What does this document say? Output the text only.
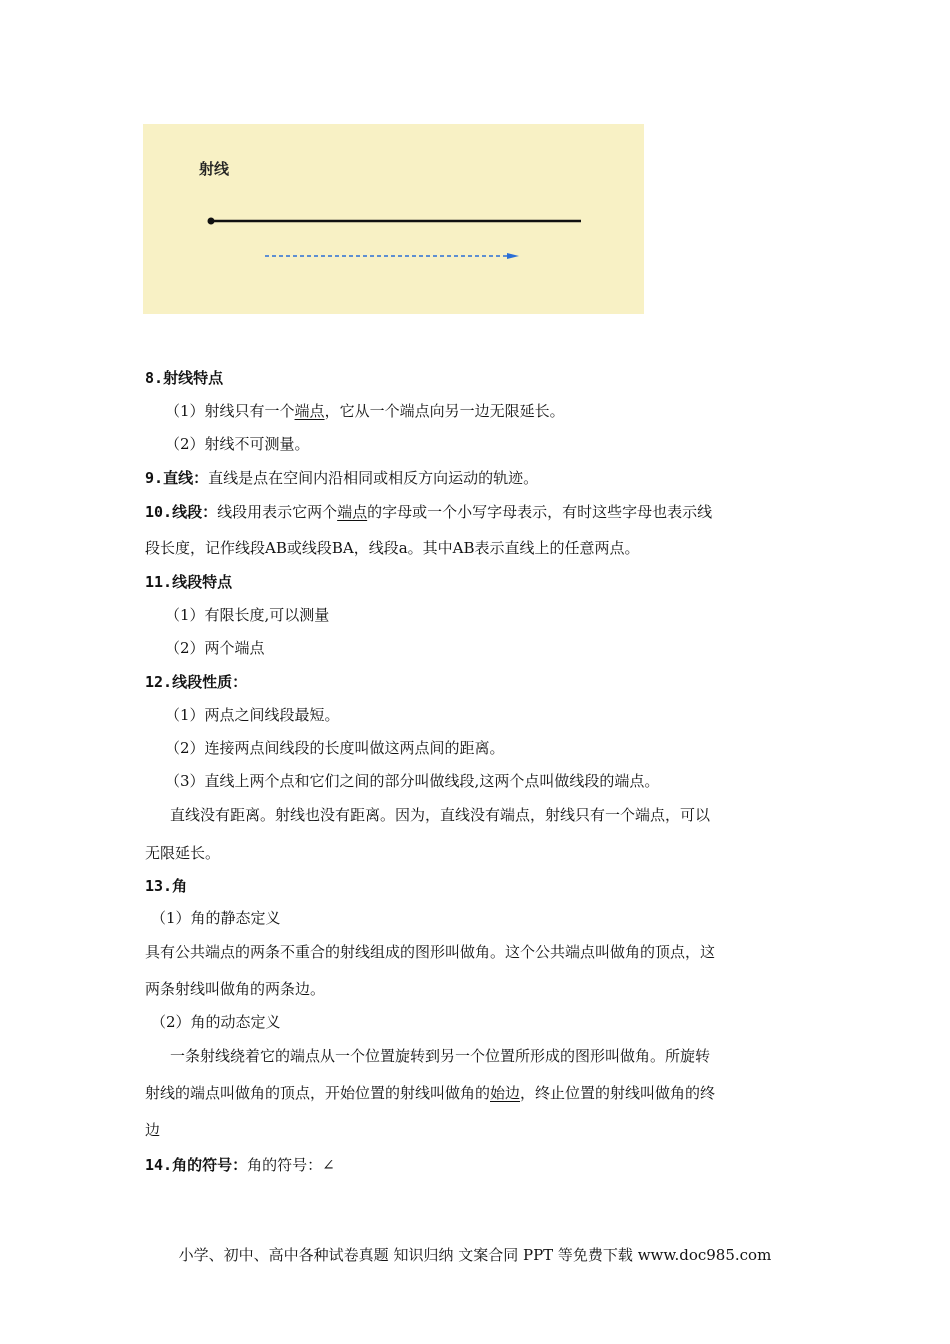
射线
8.射线特点
（1）射线只有一个端点，它从一个端点向另一边无限延长。
（2）射线不可测量。
9.直线：直线是点在空间内沿相同或相反方向运动的轨迹。
10.线段：线段用表示它两个端点的字母或一个小写字母表示，有时这些字母也表示线
段长度，记作线段AB或线段BA，线段a。其中AB表示直线上的任意两点。
11.线段特点
（1）有限长度,可以测量
（2）两个端点
12.线段性质：
（1）两点之间线段最短。
（2）连接两点间线段的长度叫做这两点间的距离。
（3）直线上两个点和它们之间的部分叫做线段,这两个点叫做线段的端点。
直线没有距离。射线也没有距离。因为，直线没有端点，射线只有一个端点，可以
无限延长。
13.角
（1）角的静态定义
具有公共端点的两条不重合的射线组成的图形叫做角。这个公共端点叫做角的顶点，这
两条射线叫做角的两条边。
（2）角的动态定义
一条射线绕着它的端点从一个位置旋转到另一个位置所形成的图形叫做角。所旋转
射线的端点叫做角的顶点，开始位置的射线叫做角的始边，终止位置的射线叫做角的终
边
14.角的符号：角的符号：∠
小学、初中、高中各种试卷真题 知识归纳 文案合同 PPT 等免费下载 www.doc985.com
